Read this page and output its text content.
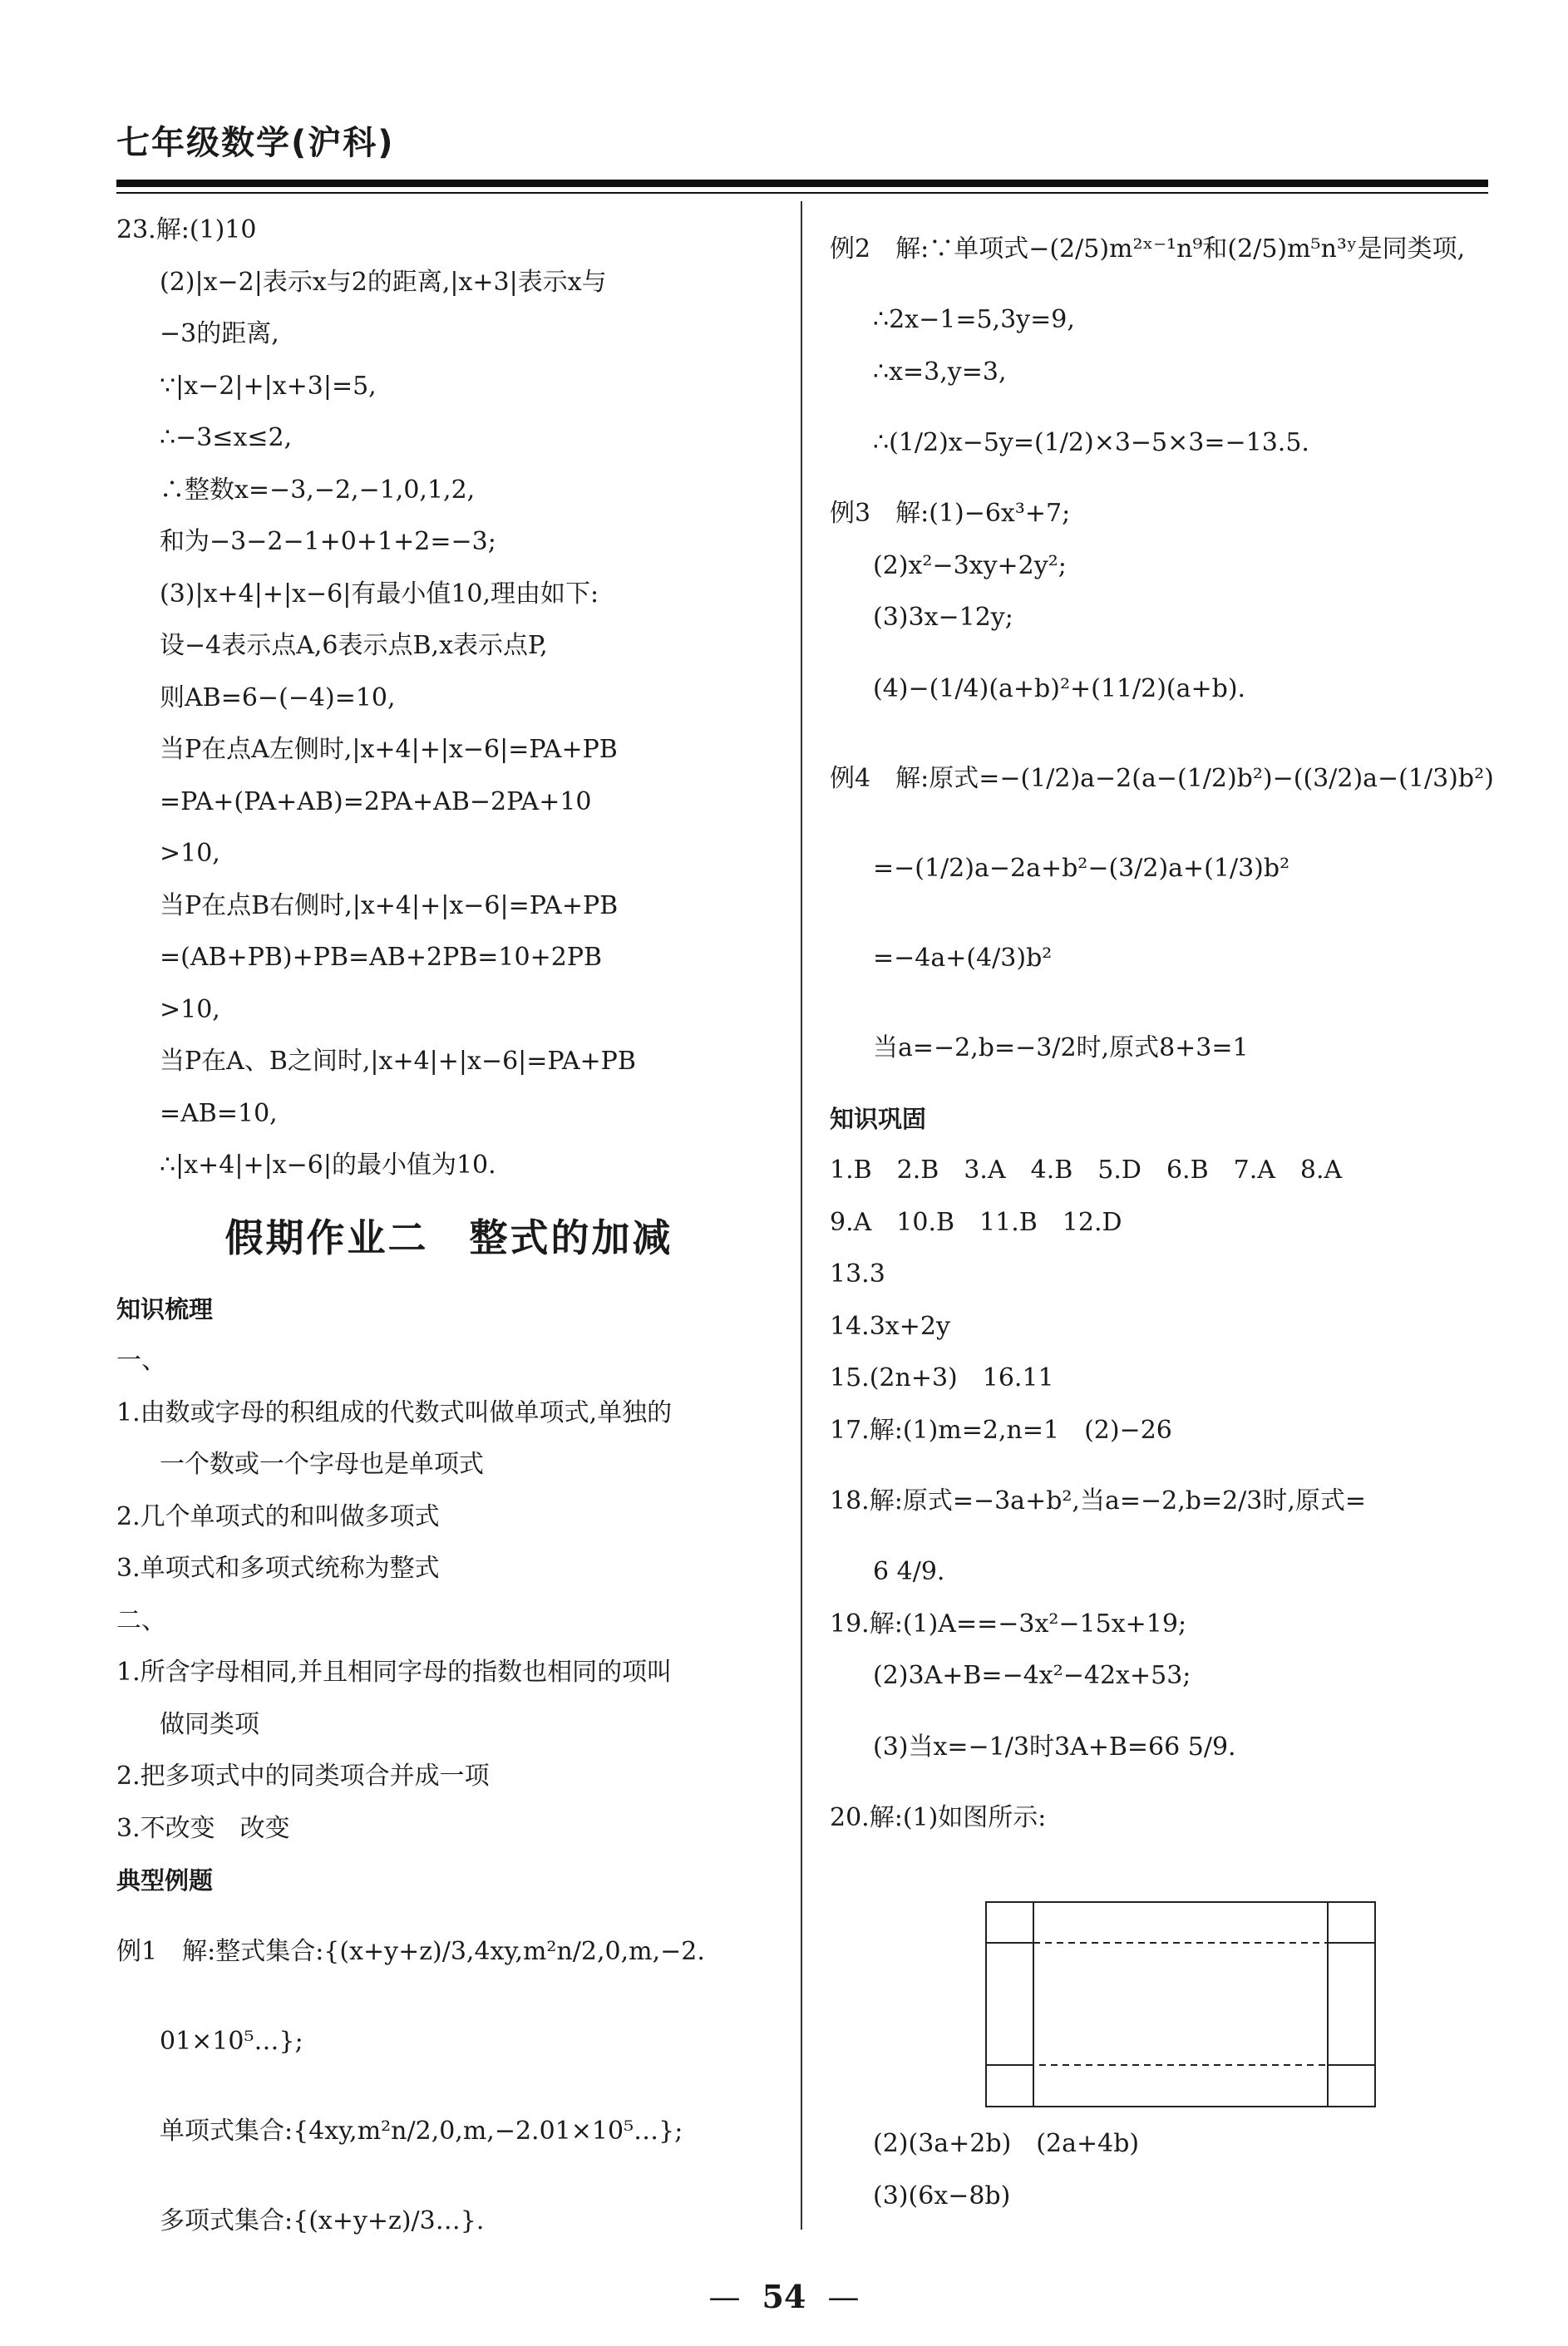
七年级数学(沪科)
23.解:(1)10
(2)|x−2|表示x与2的距离,|x+3|表示x与
−3的距离,
∵|x−2|+|x+3|=5,
∴−3≤x≤2,
∴整数x=−3,−2,−1,0,1,2,
和为−3−2−1+0+1+2=−3;
(3)|x+4|+|x−6|有最小值10,理由如下:
设−4表示点A,6表示点B,x表示点P,
则AB=6−(−4)=10,
当P在点A左侧时,|x+4|+|x−6|=PA+PB
=PA+(PA+AB)=2PA+AB−2PA+10
>10,
当P在点B右侧时,|x+4|+|x−6|=PA+PB
=(AB+PB)+PB=AB+2PB=10+2PB
>10,
当P在A、B之间时,|x+4|+|x−6|=PA+PB
=AB=10,
∴|x+4|+|x−6|的最小值为10.
假期作业二　整式的加减
知识梳理
一、
1.由数或字母的积组成的代数式叫做单项式,单独的
一个数或一个字母也是单项式
2.几个单项式的和叫做多项式
3.单项式和多项式统称为整式
二、
1.所含字母相同,并且相同字母的指数也相同的项叫
做同类项
2.把多项式中的同类项合并成一项
3.不改变　改变
典型例题
例1　解:整式集合:{(x+y+z)/3,4xy,m²n/2,0,m,−2.
01×10⁵…};
单项式集合:{4xy,m²n/2,0,m,−2.01×10⁵…};
多项式集合:{(x+y+z)/3…}.
例2　解:∵单项式−(2/5)m²ˣ⁻¹n⁹和(2/5)m⁵n³ʸ是同类项,
∴2x−1=5,3y=9,
∴x=3,y=3,
∴(1/2)x−5y=(1/2)×3−5×3=−13.5.
例3　解:(1)−6x³+7;
(2)x²−3xy+2y²;
(3)3x−12y;
(4)−(1/4)(a+b)²+(11/2)(a+b).
例4　解:原式=−(1/2)a−2(a−(1/2)b²)−((3/2)a−(1/3)b²)
=−(1/2)a−2a+b²−(3/2)a+(1/3)b²
=−4a+(4/3)b²
当a=−2,b=−3/2时,原式8+3=1
知识巩固
1.B　2.B　3.A　4.B　5.D　6.B　7.A　8.A
9.A　10.B　11.B　12.D
13.3
14.3x+2y
15.(2n+3)　16.11
17.解:(1)m=2,n=1　(2)−26
18.解:原式=−3a+b²,当a=−2,b=2/3时,原式=
6 4/9.
19.解:(1)A==−3x²−15x+19;
(2)3A+B=−4x²−42x+53;
(3)当x=−1/3时3A+B=66 5/9.
20.解:(1)如图所示:
(2)(3a+2b)　(2a+4b)
(3)(6x−8b)
— 54 —
